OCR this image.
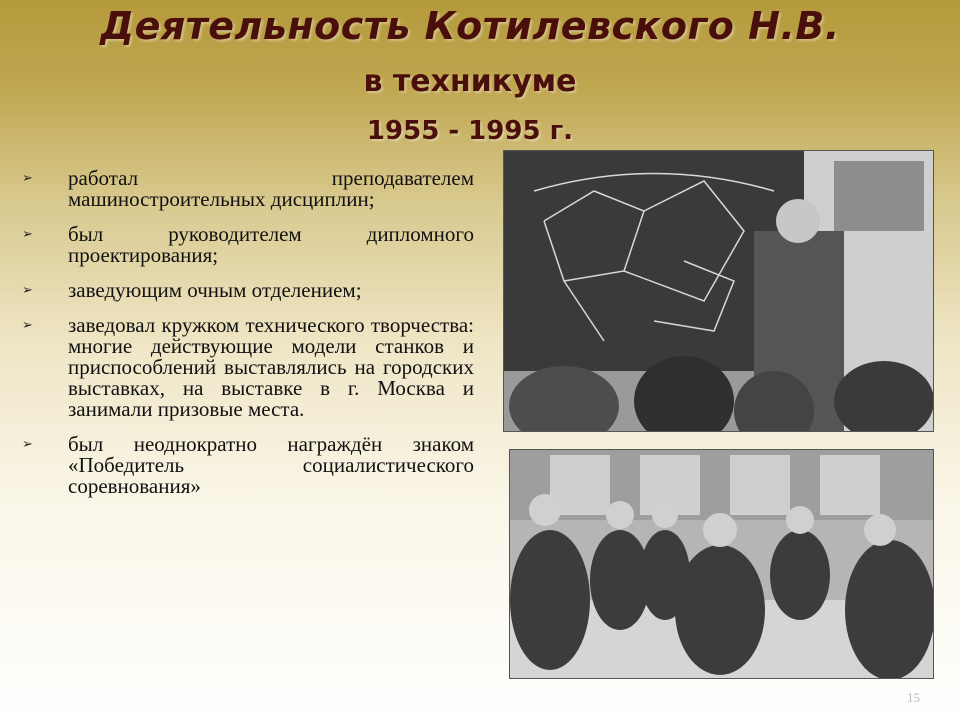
Деятельность Котилевского Н.В.
в техникуме
1955 - 1995 г.
➢ работал преподавателем машиностроительных дисциплин;
➢ был руководителем дипломного проектирования;
➢ заведующим очным отделением;
➢ заведовал кружком технического творчества: многие действующие модели станков и приспособлений выставлялись на городских выставках, на выставке в г. Москва и занимали призовые места.
➢ был неоднократно награждён знаком «Победитель социалистического соревнования»
15
